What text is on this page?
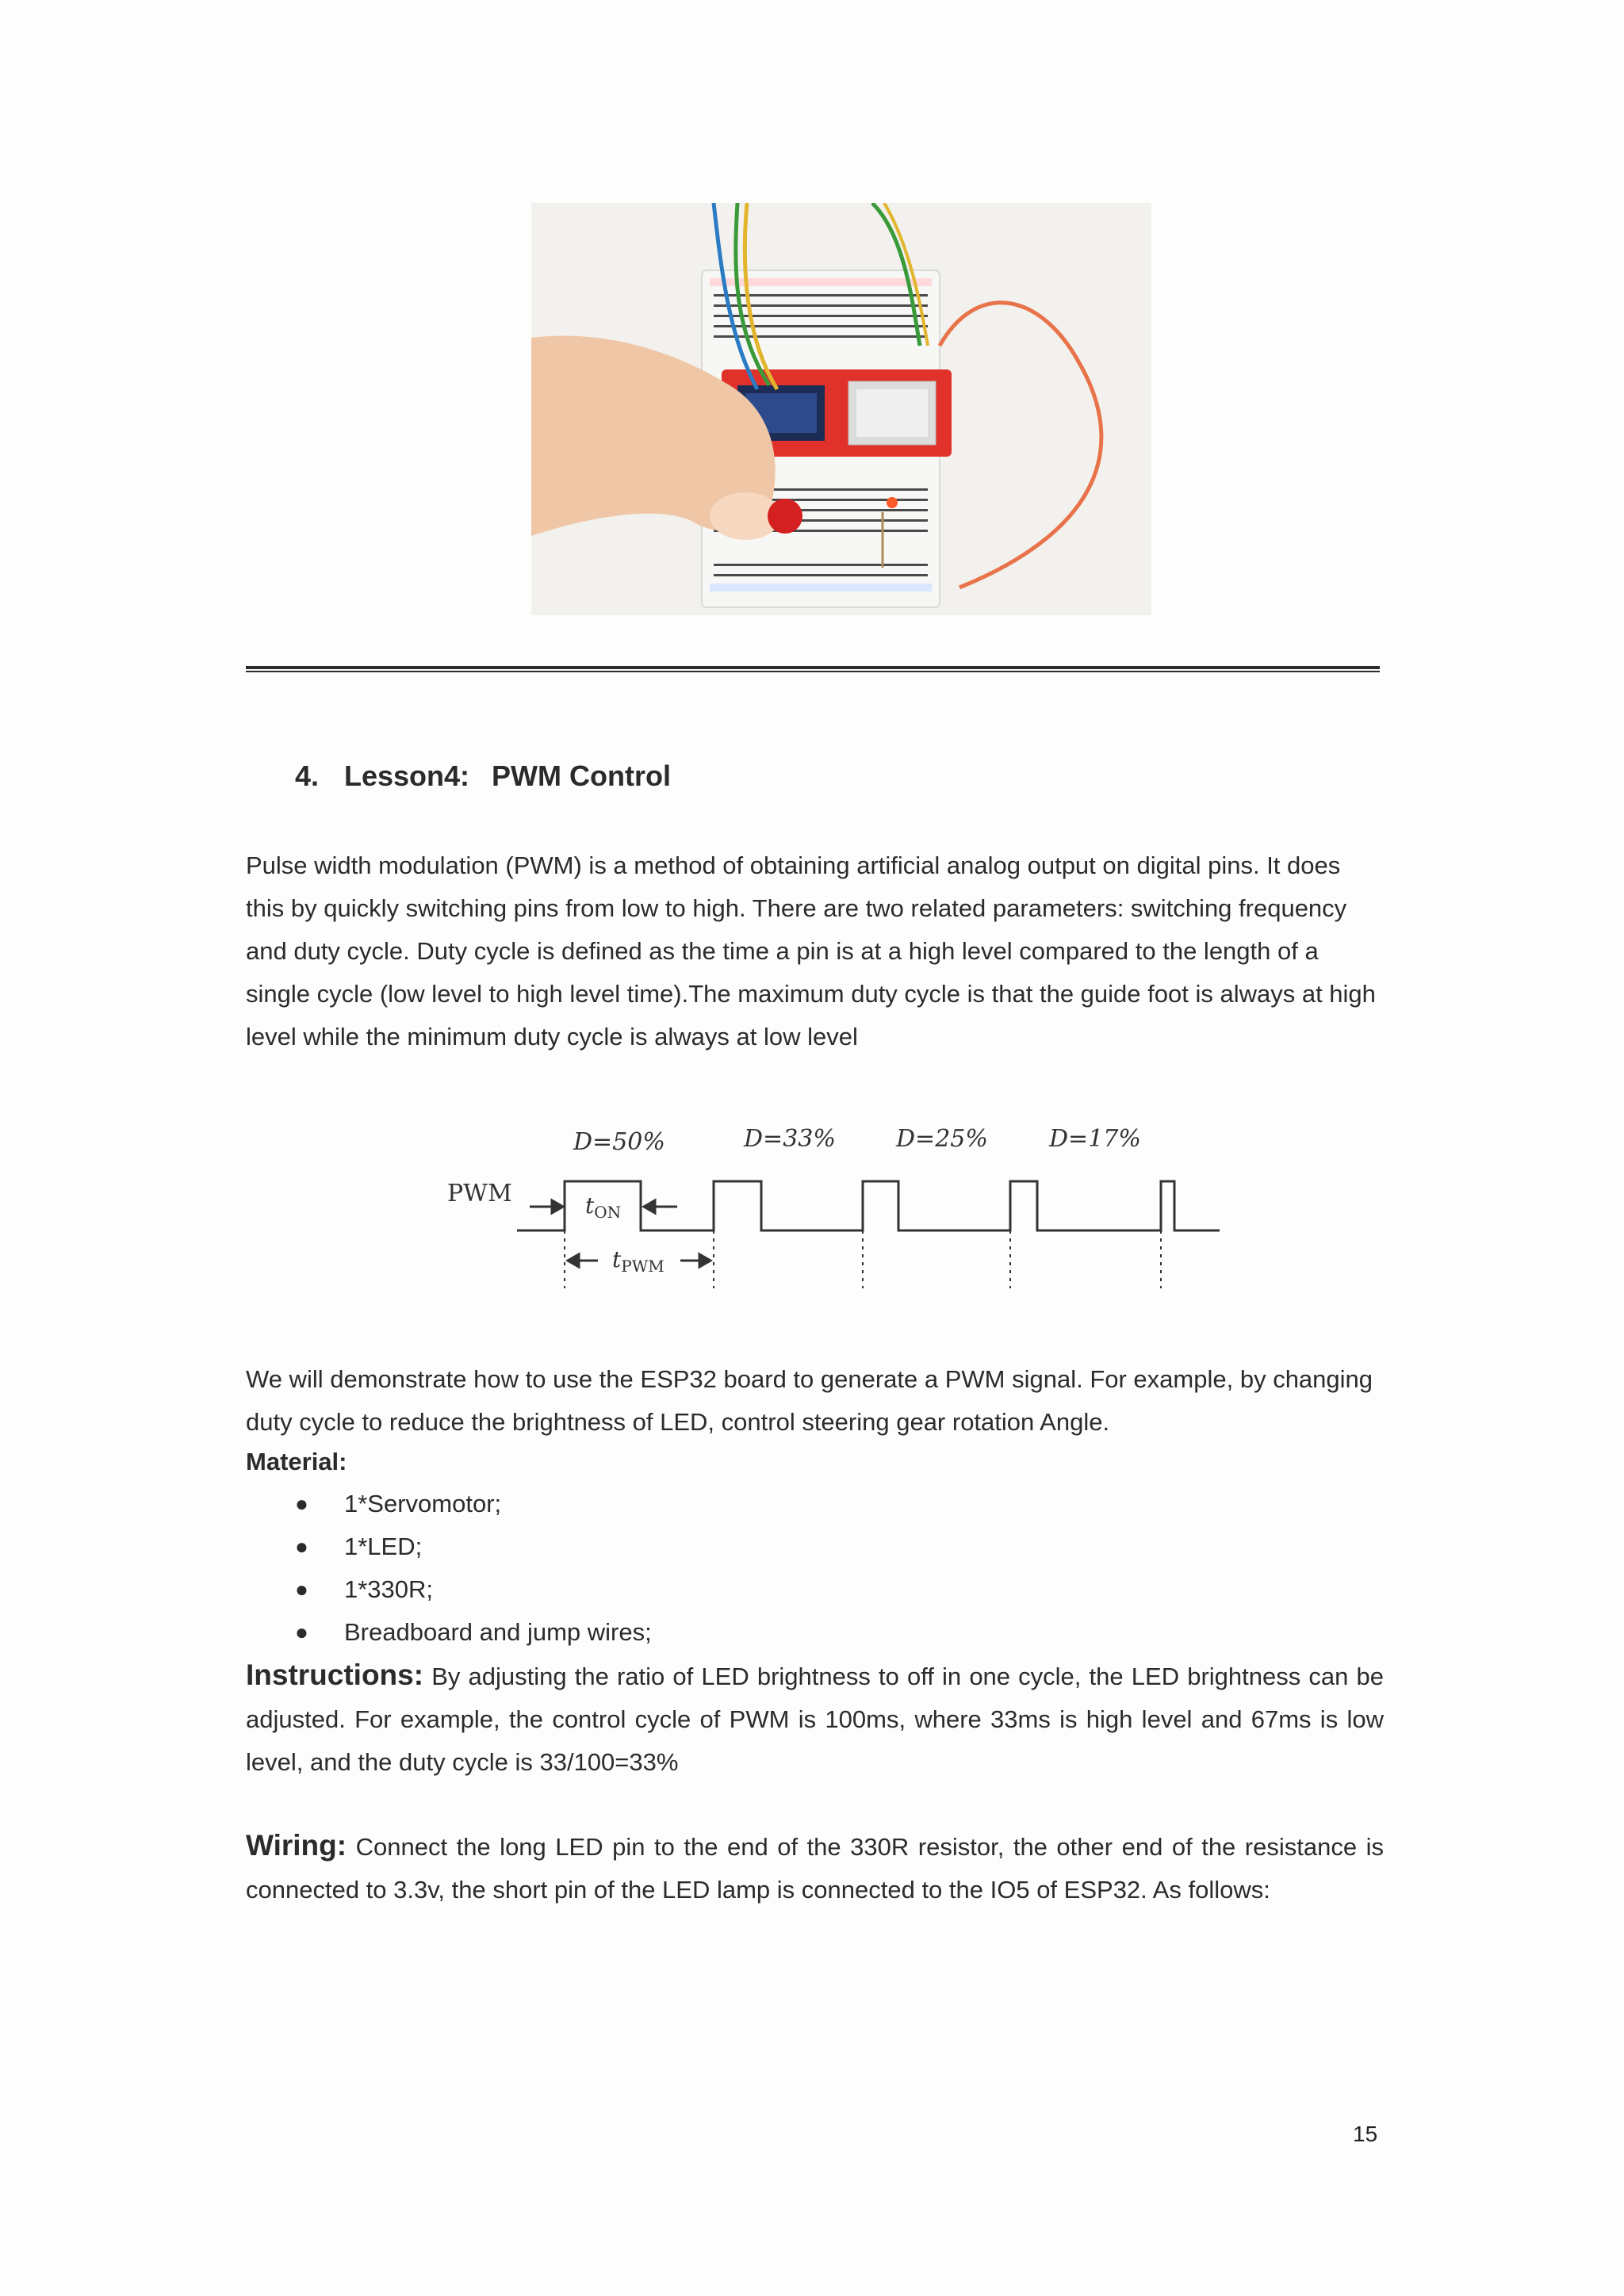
4. Lesson4: PWM Control

Pulse width modulation (PWM) is a method of obtaining artificial analog output on digital pins. It does this by quickly switching pins from low to high. There are two related parameters: switching frequency and duty cycle. Duty cycle is defined as the time a pin is at a high level compared to the length of a single cycle (low level to high level time).The maximum duty cycle is that the guide foot is always at high level while the minimum duty cycle is always at low level

D=50%	D=33%	D=25%	D=17%
PWM	$t_{ON}$
$t_{PWM}$

We will demonstrate how to use the ESP32 board to generate a PWM signal. For example, by changing duty cycle to reduce the brightness of LED, control steering gear rotation Angle.

Material:

● 1*Servomotor;
● 1*LED;
● 1*330R;
● Breadboard and jump wires;

Instructions: By adjusting the ratio of LED brightness to off in one cycle, the LED brightness can be adjusted. For example, the control cycle of PWM is 100ms, where 33ms is high level and 67ms is low level, and the duty cycle is 33/100=33%

Wiring: Connect the long LED pin to the end of the 330R resistor, the other end of the resistance is connected to 3.3v, the short pin of the LED lamp is connected to the IO5 of ESP32. As follows:

15
